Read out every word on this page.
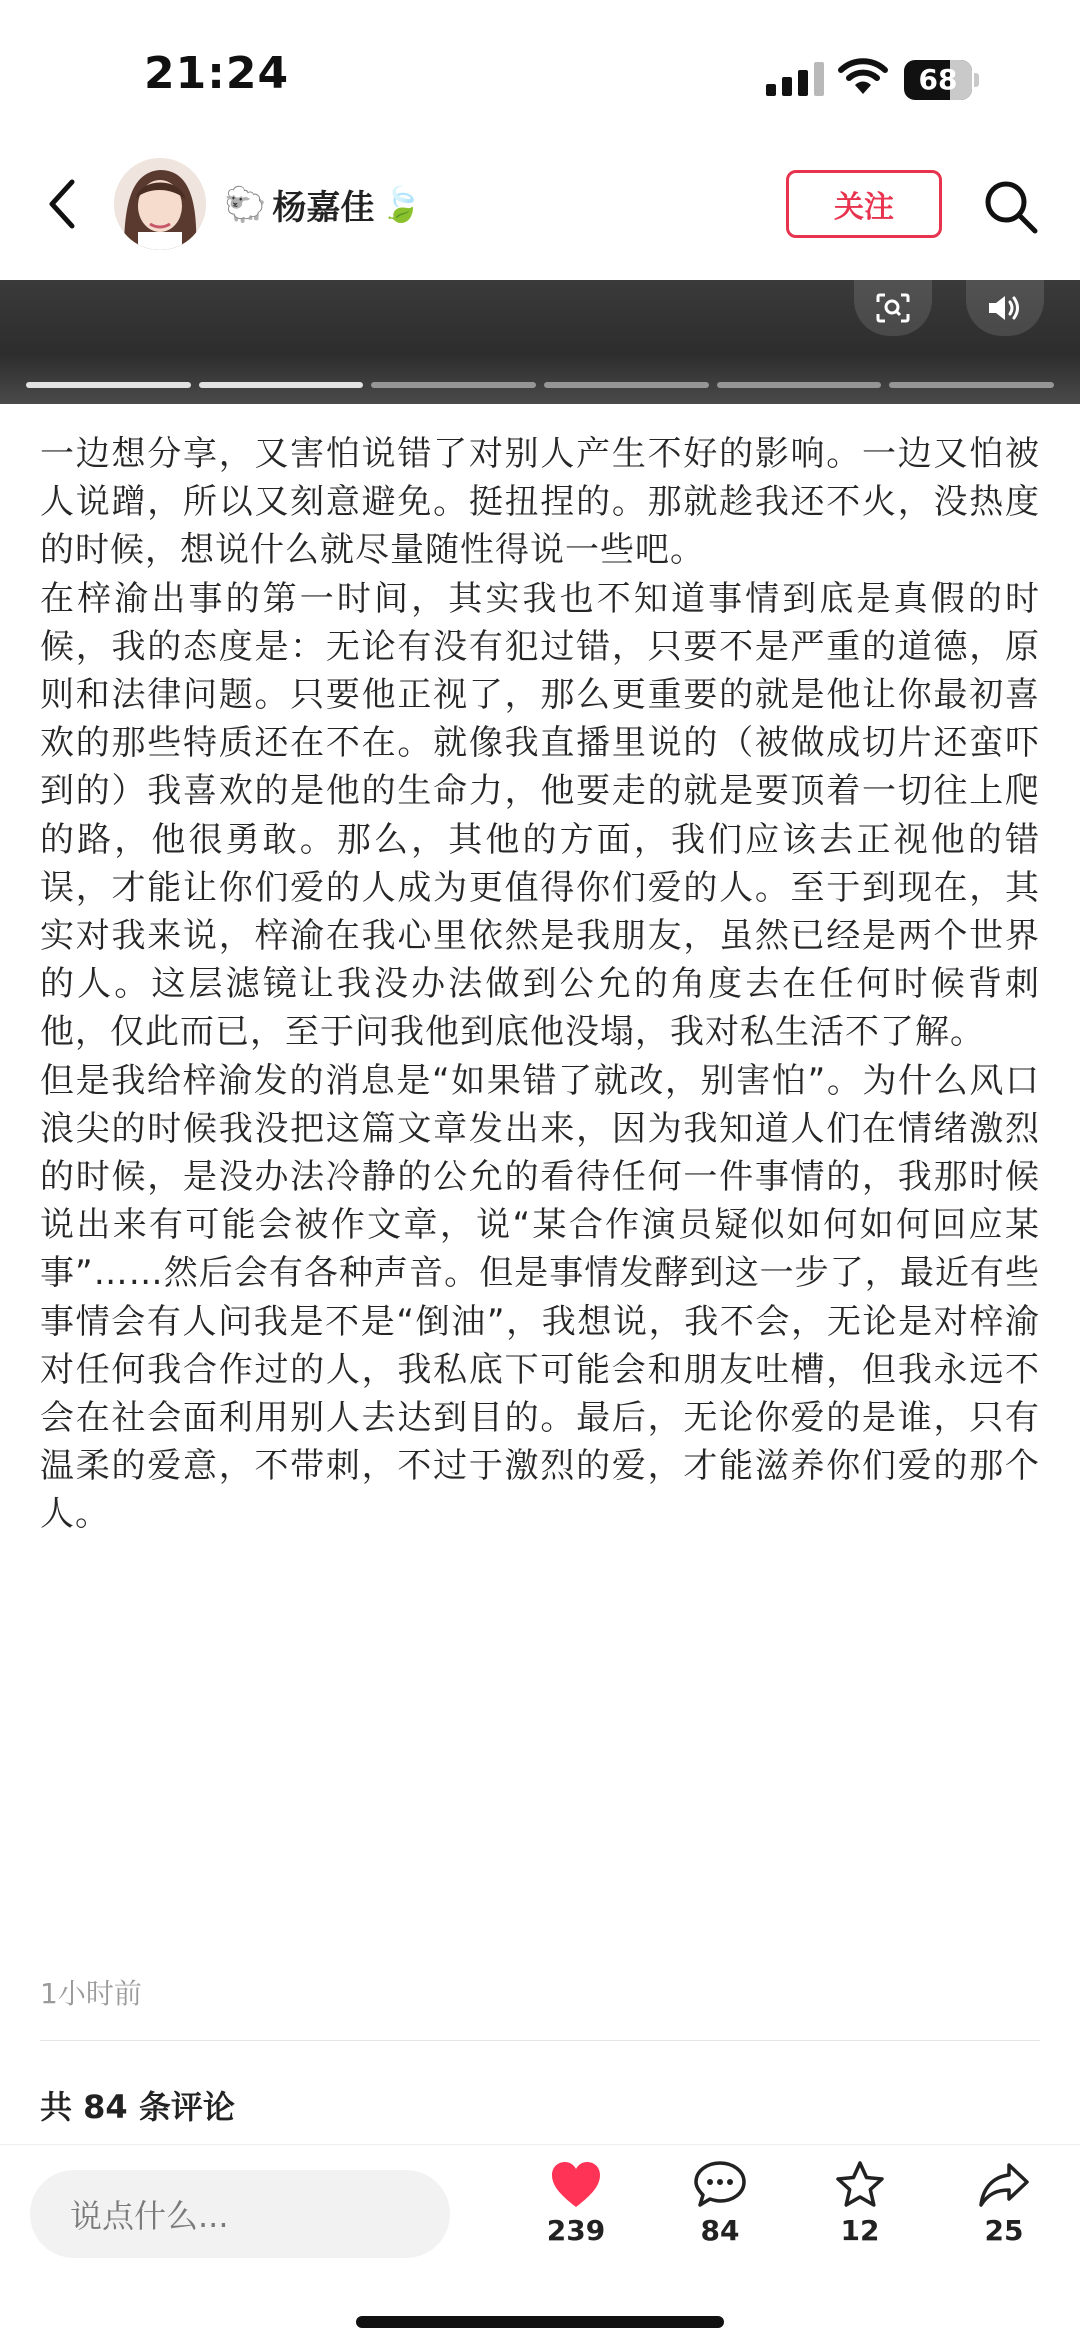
21:24	68
🐑 杨嘉佳 🍃	关注
一边想分享，又害怕说错了对别人产生不好的影响。一边又怕被人说蹭，所以又刻意避免。挺扭捏的。那就趁我还不火，没热度的时候，想说什么就尽量随性得说一些吧。
在梓渝出事的第一时间，其实我也不知道事情到底是真假的时候，我的态度是：无论有没有犯过错，只要不是严重的道德，原则和法律问题。只要他正视了，那么更重要的就是他让你最初喜欢的那些特质还在不在。就像我直播里说的（被做成切片还蛮吓到的）我喜欢的是他的生命力，他要走的就是要顶着一切往上爬的路，他很勇敢。那么，其他的方面，我们应该去正视他的错误，才能让你们爱的人成为更值得你们爱的人。至于到现在，其实对我来说，梓渝在我心里依然是我朋友，虽然已经是两个世界的人。这层滤镜让我没办法做到公允的角度去在任何时候背刺他，仅此而已，至于问我他到底他没塌，我对私生活不了解。
但是我给梓渝发的消息是“如果错了就改，别害怕”。为什么风口浪尖的时候我没把这篇文章发出来，因为我知道人们在情绪激烈的时候，是没办法冷静的公允的看待任何一件事情的，我那时候说出来有可能会被作文章，说“某合作演员疑似如何如何回应某事”……然后会有各种声音。但是事情发酵到这一步了，最近有些事情会有人问我是不是“倒油”，我想说，我不会，无论是对梓渝对任何我合作过的人，我私底下可能会和朋友吐槽，但我永远不会在社会面利用别人去达到目的。最后，无论你爱的是谁，只有温柔的爱意，不带刺，不过于激烈的爱，才能滋养你们爱的那个人。
1小时前
共 84 条评论
说点什么...	239	84	12	25
